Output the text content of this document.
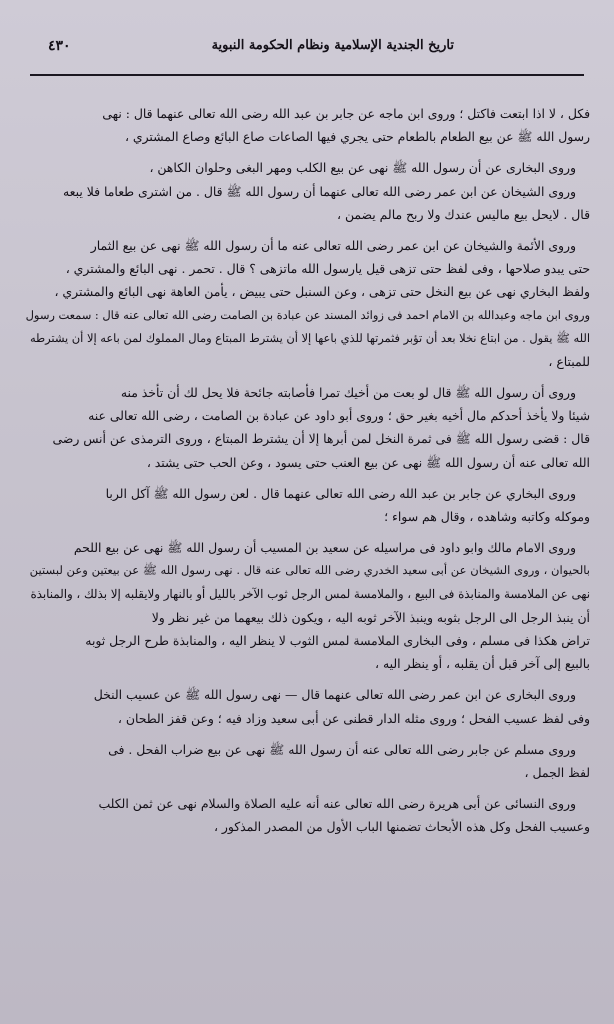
تاريخ الجندية الإسلامية ونظام الحكومة النبوية
٤٣٠
فكل ، لا اذا ابتعت فاكتل ؛ وروى ابن ماجه عن جابر بن عبد الله رضى الله تعالى عنهما قال : نهى
رسول الله ﷺ عن بيع الطعام بالطعام حتى يجري فيها الصاعات صاع البائع وصاع المشتري ،
وروى البخارى عن أن رسول الله ﷺ نهى عن بيع الكلب ومهر البغى وحلوان الكاهن ،
وروى الشيخان عن ابن عمر رضى الله تعالى عنهما أن رسول الله ﷺ قال . من اشترى طعاما فلا يبعه
قال . لايحل بيع ماليس عندك ولا ربح مالم يضمن ،
وروى الأئمة والشيخان عن ابن عمر رضى الله تعالى عنه ما أن رسول الله ﷺ نهى عن بيع الثمار
حتى يبدو صلاحها ، وفى لفظ حتى تزهى قيل يارسول الله ماتزهى ؟ قال . تحمر . نهى البائع والمشتري ،
ولفظ البخاري نهى عن بيع النخل حتى تزهى ، وعن السنبل حتى يبيض ، يأمن العاهة نهى البائع والمشتري ،
وروى ابن ماجه وعبدالله بن الامام احمد فى زوائد المسند عن عبادة بن الصامت رضى الله تعالى عنه قال : سمعت رسول
الله ﷺ يقول . من ابتاع نخلا بعد أن تؤبر فثمرتها للذي باعها إلا أن يشترط المبتاع ومال المملوك لمن باعه إلا أن يشترطه
للمبتاع ،
وروى أن رسول الله ﷺ قال لو بعت من أخيك تمرا فأصابته جائحة فلا يحل لك أن تأخذ منه
شيئا ولا يأخذ أحدكم مال أخيه بغير حق ؛ وروى أبو داود عن عبادة بن الصامت ، رضى الله تعالى عنه
قال : قضى رسول الله ﷺ فى ثمرة النخل لمن أبرها إلا أن يشترط المبتاع ، وروى الترمذى عن أنس رضى
الله تعالى عنه أن رسول الله ﷺ نهى عن بيع العنب حتى يسود ، وعن الحب حتى يشتد ،
وروى البخاري عن جابر بن عبد الله رضى الله تعالى عنهما قال . لعن رسول الله ﷺ آكل الربا
وموكله وكاتبه وشاهده ، وقال هم سواء ؛
وروى الامام مالك وابو داود فى مراسيله عن سعيد بن المسيب أن رسول الله ﷺ نهى عن بيع اللحم
بالحيوان ، وروى الشيخان عن أبى سعيد الخدري رضى الله تعالى عنه قال . نهى رسول الله ﷺ عن بيعتين وعن لبستين
نهى عن الملامسة والمنابذة فى البيع ، والملامسة لمس الرجل ثوب الآخر بالليل أو بالنهار ولايقلبه إلا بذلك ، والمنابذة
أن ينبذ الرجل الى الرجل بثوبه وينبذ الآخر ثوبه اليه ، ويكون ذلك بيعهما من غير نظر ولا
تراض هكذا فى مسلم ، وفى البخارى الملامسة لمس الثوب لا ينظر اليه ، والمنابذة طرح الرجل ثوبه
بالبيع إلى آخر قبل أن يقلبه ، أو ينظر اليه ،
وروى البخارى عن ابن عمر رضى الله تعالى عنهما قال — نهى رسول الله ﷺ عن عسيب النخل
وفى لفظ عسيب الفحل ؛ وروى مثله الدار قطنى عن أبى سعيد وزاد فيه ؛ وعن قفز الطحان ،
وروى مسلم عن جابر رضى الله تعالى عنه أن رسول الله ﷺ نهى عن بيع ضراب الفحل . فى
لفظ الجمل ،
وروى النسائى عن أبى هريرة رضى الله تعالى عنه أنه عليه الصلاة والسلام نهى عن ثمن الكلب
وعسيب الفحل وكل هذه الأبحاث تضمنها الباب الأول من المصدر المذكور ،
